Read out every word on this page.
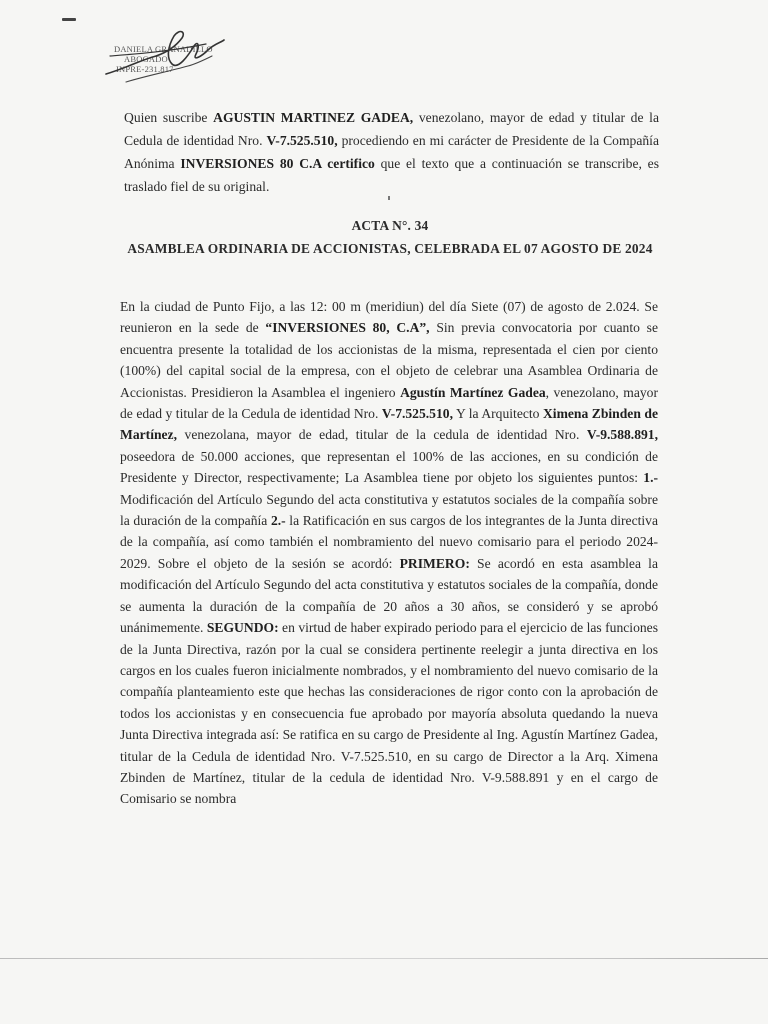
DANIELA GRANADILLO
ABOGADO
INPRE-231.817
Quien suscribe AGUSTIN MARTINEZ GADEA, venezolano, mayor de edad y titular de la Cedula de identidad Nro. V-7.525.510, procediendo en mi carácter de Presidente de la Compañía Anónima INVERSIONES 80 C.A certifico que el texto que a continuación se transcribe, es traslado fiel de su original.
ACTA N°. 34
ASAMBLEA ORDINARIA DE ACCIONISTAS, CELEBRADA EL 07 AGOSTO DE 2024
En la ciudad de Punto Fijo, a las 12: 00 m (meridiun) del día Siete (07) de agosto de 2.024. Se reunieron en la sede de “INVERSIONES 80, C.A”, Sin previa convocatoria por cuanto se encuentra presente la totalidad de los accionistas de la misma, representada el cien por ciento (100%) del capital social de la empresa, con el objeto de celebrar una Asamblea Ordinaria de Accionistas. Presidieron la Asamblea el ingeniero Agustín Martínez Gadea, venezolano, mayor de edad y titular de la Cedula de identidad Nro. V-7.525.510, Y la Arquitecto Ximena Zbinden de Martínez, venezolana, mayor de edad, titular de la cedula de identidad Nro. V-9.588.891, poseedora de 50.000 acciones, que representan el 100% de las acciones, en su condición de Presidente y Director, respectivamente; La Asamblea tiene por objeto los siguientes puntos: 1.- Modificación del Artículo Segundo del acta constitutiva y estatutos sociales de la compañía sobre la duración de la compañía 2.- la Ratificación en sus cargos de los integrantes de la Junta directiva de la compañía, así como también el nombramiento del nuevo comisario para el periodo 2024-2029. Sobre el objeto de la sesión se acordó: PRIMERO: Se acordó en esta asamblea la modificación del Artículo Segundo del acta constitutiva y estatutos sociales de la compañía, donde se aumenta la duración de la compañía de 20 años a 30 años, se consideró y se aprobó unánimemente. SEGUNDO: en virtud de haber expirado periodo para el ejercicio de las funciones de la Junta Directiva, razón por la cual se considera pertinente reelegir a junta directiva en los cargos en los cuales fueron inicialmente nombrados, y el nombramiento del nuevo comisario de la compañía planteamiento este que hechas las consideraciones de rigor conto con la aprobación de todos los accionistas y en consecuencia fue aprobado por mayoría absoluta quedando la nueva Junta Directiva integrada así: Se ratifica en su cargo de Presidente al Ing. Agustín Martínez Gadea, titular de la Cedula de identidad Nro. V-7.525.510, en su cargo de Director a la Arq. Ximena Zbinden de Martínez, titular de la cedula de identidad Nro. V-9.588.891 y en el cargo de Comisario se nombra
